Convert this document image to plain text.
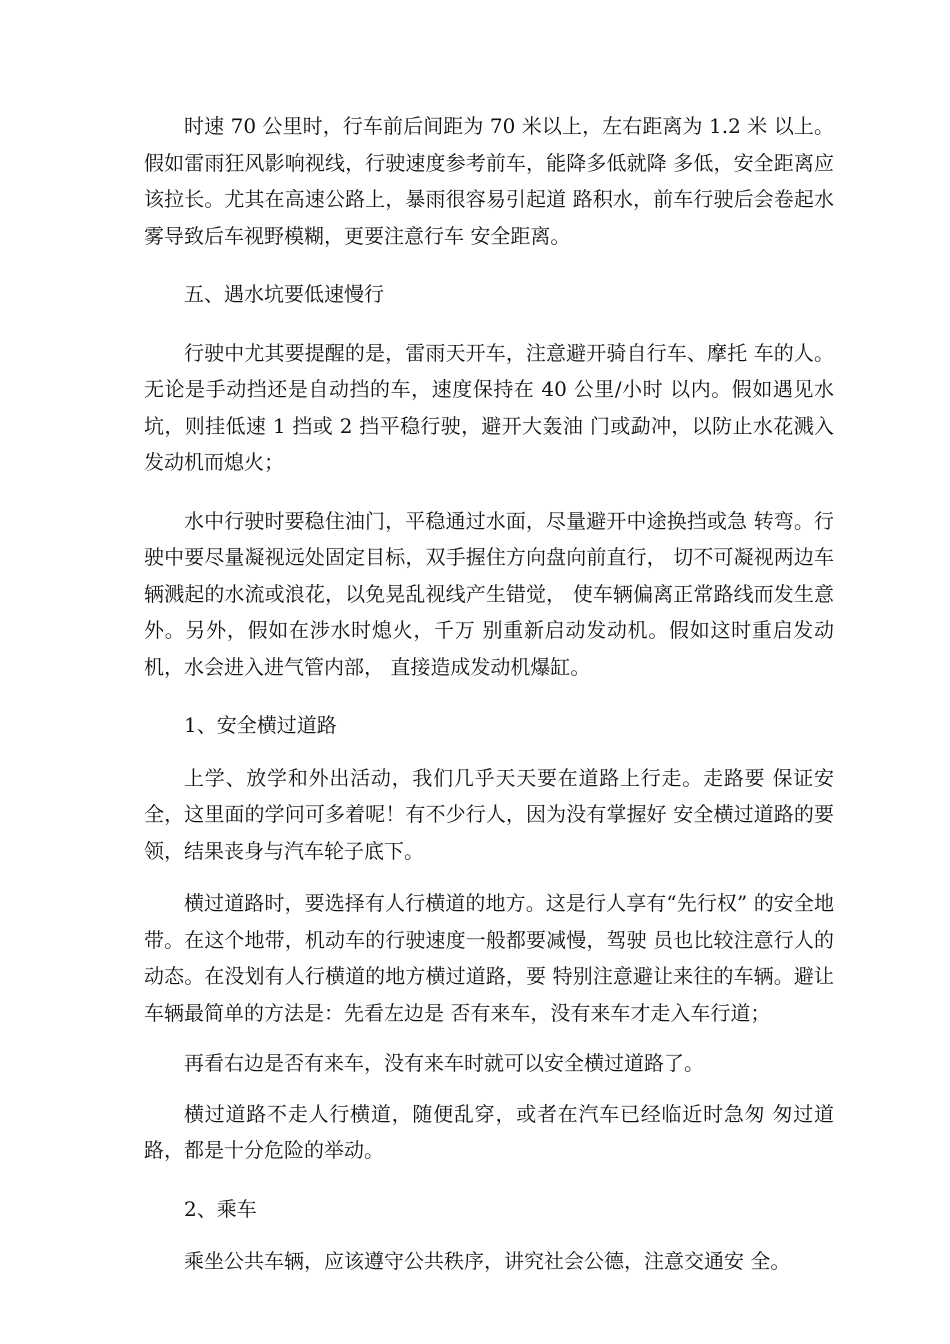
时速 70 公里时，行车前后间距为 70 米以上，左右距离为 1.2 米 以上。假如雷雨狂风影响视线，行驶速度参考前车，能降多低就降 多低，安全距离应该拉长。尤其在高速公路上，暴雨很容易引起道 路积水，前车行驶后会卷起水雾导致后车视野模糊，更要注意行车 安全距离。

五、遇水坑要低速慢行

行驶中尤其要提醒的是，雷雨天开车，注意避开骑自行车、摩托 车的人。无论是手动挡还是自动挡的车，速度保持在 40 公里/小时 以内。假如遇见水坑，则挂低速 1 挡或 2 挡平稳行驶，避开大轰油 门或勐冲，以防止水花溅入发动机而熄火；

水中行驶时要稳住油门，平稳通过水面，尽量避开中途换挡或急 转弯。行驶中要尽量凝视远处固定目标，双手握住方向盘向前直行， 切不可凝视两边车辆溅起的水流或浪花，以免晃乱视线产生错觉， 使车辆偏离正常路线而发生意外。另外，假如在涉水时熄火，千万 别重新启动发动机。假如这时重启发动机，水会进入进气管内部， 直接造成发动机爆缸。

1、安全横过道路

上学、放学和外出活动，我们几乎天天要在道路上行走。走路要 保证安全，这里面的学问可多着呢！有不少行人，因为没有掌握好 安全横过道路的要领，结果丧身与汽车轮子底下。

横过道路时，要选择有人行横道的地方。这是行人享有“先行权” 的安全地带。在这个地带，机动车的行驶速度一般都要减慢，驾驶 员也比较注意行人的动态。在没划有人行横道的地方横过道路，要 特别注意避让来往的车辆。避让车辆最简单的方法是：先看左边是 否有来车，没有来车才走入车行道；

再看右边是否有来车，没有来车时就可以安全横过道路了。

横过道路不走人行横道，随便乱穿，或者在汽车已经临近时急匆 匆过道路，都是十分危险的举动。

2、乘车

乘坐公共车辆，应该遵守公共秩序，讲究社会公德，注意交通安 全。
